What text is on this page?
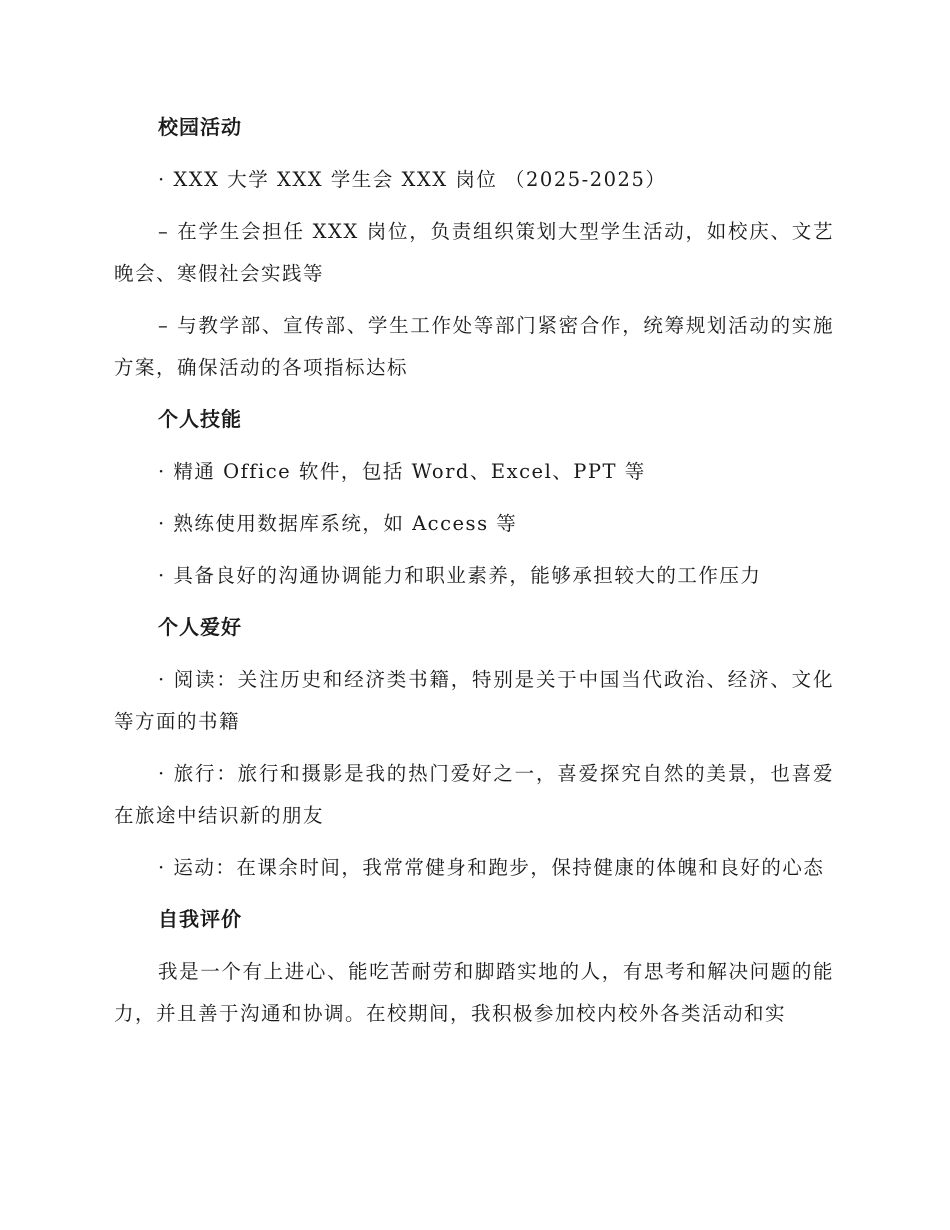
校园活动
· XXX 大学 XXX 学生会 XXX 岗位 （2025-2025）
– 在学生会担任 XXX 岗位，负责组织策划大型学生活动，如校庆、文艺晚会、寒假社会实践等
– 与教学部、宣传部、学生工作处等部门紧密合作，统筹规划活动的实施方案，确保活动的各项指标达标
个人技能
· 精通 Office 软件，包括 Word、Excel、PPT 等
· 熟练使用数据库系统，如 Access 等
· 具备良好的沟通协调能力和职业素养，能够承担较大的工作压力
个人爱好
· 阅读：关注历史和经济类书籍，特别是关于中国当代政治、经济、文化等方面的书籍
· 旅行：旅行和摄影是我的热门爱好之一，喜爱探究自然的美景，也喜爱在旅途中结识新的朋友
· 运动：在课余时间，我常常健身和跑步，保持健康的体魄和良好的心态
自我评价
我是一个有上进心、能吃苦耐劳和脚踏实地的人，有思考和解决问题的能力，并且善于沟通和协调。在校期间，我积极参加校内校外各类活动和实
